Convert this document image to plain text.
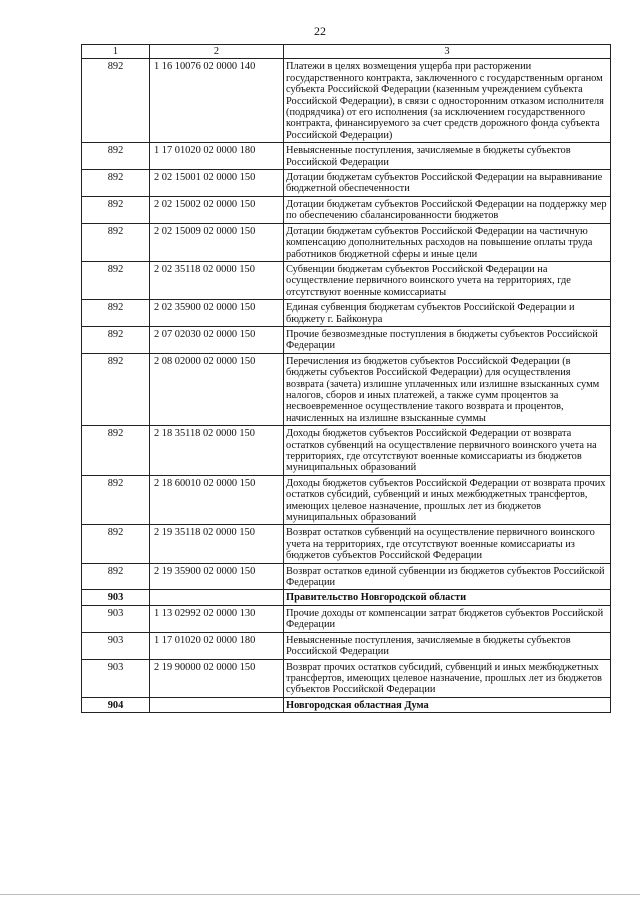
22
1	2	3
892	1 16 10076 02 0000 140	Платежи в целях возмещения ущерба при расторжении государственного контракта, заключенного с государственным органом субъекта Российской Федерации (казенным учреждением субъекта Российской Федерации), в связи с односторонним отказом исполнителя (подрядчика) от его исполнения (за исключением государственного контракта, финансируемого за счет средств дорожного фонда субъекта Российской Федерации)
892	1 17 01020 02 0000 180	Невыясненные поступления, зачисляемые в бюджеты субъектов Российской Федерации
892	2 02 15001 02 0000 150	Дотации бюджетам субъектов Российской Федерации на выравнивание бюджетной обеспеченности
892	2 02 15002 02 0000 150	Дотации бюджетам субъектов Российской Федерации на поддержку мер по обеспечению сбалансированности бюджетов
892	2 02 15009 02 0000 150	Дотации бюджетам субъектов Российской Федерации на частичную компенсацию дополнительных расходов на повышение оплаты труда работников бюджетной сферы и иные цели
892	2 02 35118 02 0000 150	Субвенции бюджетам субъектов Российской Федерации на осуществление первичного воинского учета на территориях, где отсутствуют военные комиссариаты
892	2 02 35900 02 0000 150	Единая субвенция бюджетам субъектов Российской Федерации и бюджету г. Байконура
892	2 07 02030 02 0000 150	Прочие безвозмездные поступления в бюджеты субъектов Российской Федерации
892	2 08 02000 02 0000 150	Перечисления из бюджетов субъектов Российской Федерации (в бюджеты субъектов Российской Федерации) для осуществления возврата (зачета) излишне уплаченных или излишне взысканных сумм налогов, сборов и иных платежей, а также сумм процентов за несвоевременное осуществление такого возврата и процентов, начисленных на излишне взысканные суммы
892	2 18 35118 02 0000 150	Доходы бюджетов субъектов Российской Федерации от возврата остатков субвенций на осуществление первичного воинского учета на территориях, где отсутствуют военные комиссариаты из бюджетов муниципальных образований
892	2 18 60010 02 0000 150	Доходы бюджетов субъектов Российской Федерации от возврата прочих остатков субсидий, субвенций и иных межбюджетных трансфертов, имеющих целевое назначение, прошлых лет из бюджетов муниципальных образований
892	2 19 35118 02 0000 150	Возврат остатков субвенций на осуществление первичного воинского учета на территориях, где отсутствуют военные комиссариаты из бюджетов субъектов Российской Федерации
892	2 19 35900 02 0000 150	Возврат остатков единой субвенции из бюджетов субъектов Российской Федерации
903		Правительство Новгородской области
903	1 13 02992 02 0000 130	Прочие доходы от компенсации затрат бюджетов субъектов Российской Федерации
903	1 17 01020 02 0000 180	Невыясненные поступления, зачисляемые в бюджеты субъектов Российской Федерации
903	2 19 90000 02 0000 150	Возврат прочих остатков субсидий, субвенций и иных межбюджетных трансфертов, имеющих целевое назначение, прошлых лет из бюджетов субъектов Российской Федерации
904		Новгородская областная Дума
